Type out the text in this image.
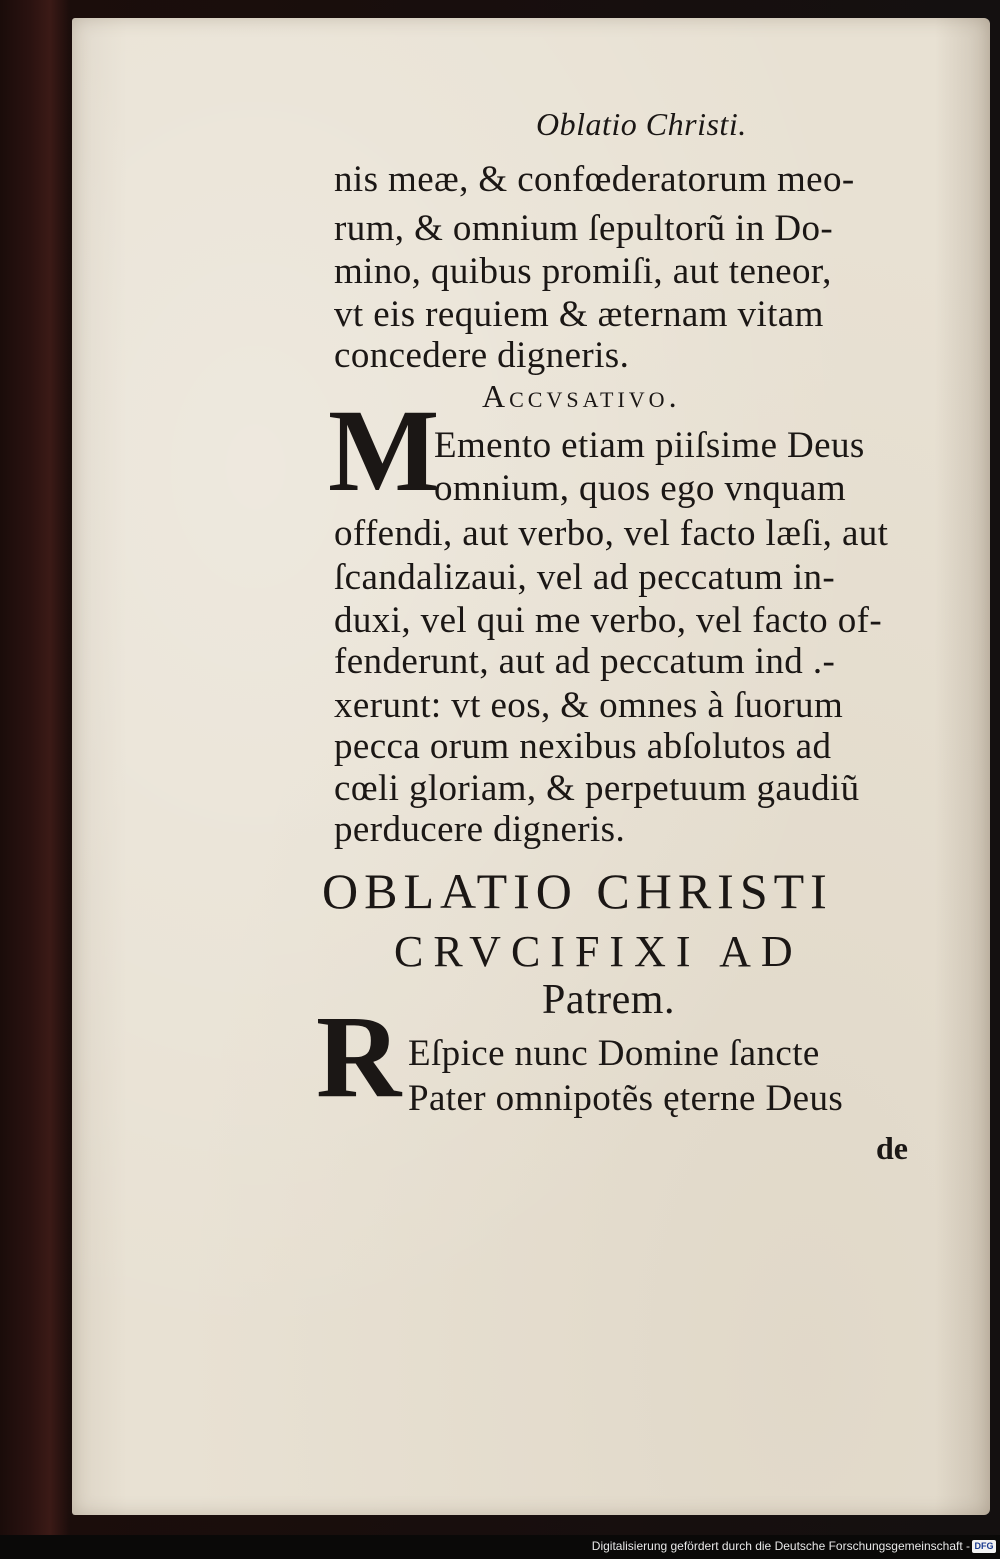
Oblatio Christi.
nis meæ, & confœderatorum meo-
rum, & omnium ſepultorũ in Do-
mino, quibus promiſi, aut teneor,
vt eis requiem & æternam vitam
concedere digneris.
Accvsativo.
M
Emento etiam piiſsime Deus
omnium, quos ego vnquam
offendi, aut verbo, vel facto læſi, aut
ſcandalizaui, vel ad peccatum in-
duxi, vel qui me verbo, vel facto of-
fenderunt, aut ad peccatum ind .-
xerunt: vt eos, & omnes à ſuorum
pecca orum nexibus abſolutos ad
cœli gloriam, & perpetuum gaudiũ
perducere digneris.
OBLATIO CHRISTI
CRVCIFIXI AD
Patrem.
R Eſpice nunc Domine ſancte
Pater omnipotẽs ęterne Deus
de
Digitalisierung gefördert durch die Deutsche Forschungsgemeinschaft - DFG
